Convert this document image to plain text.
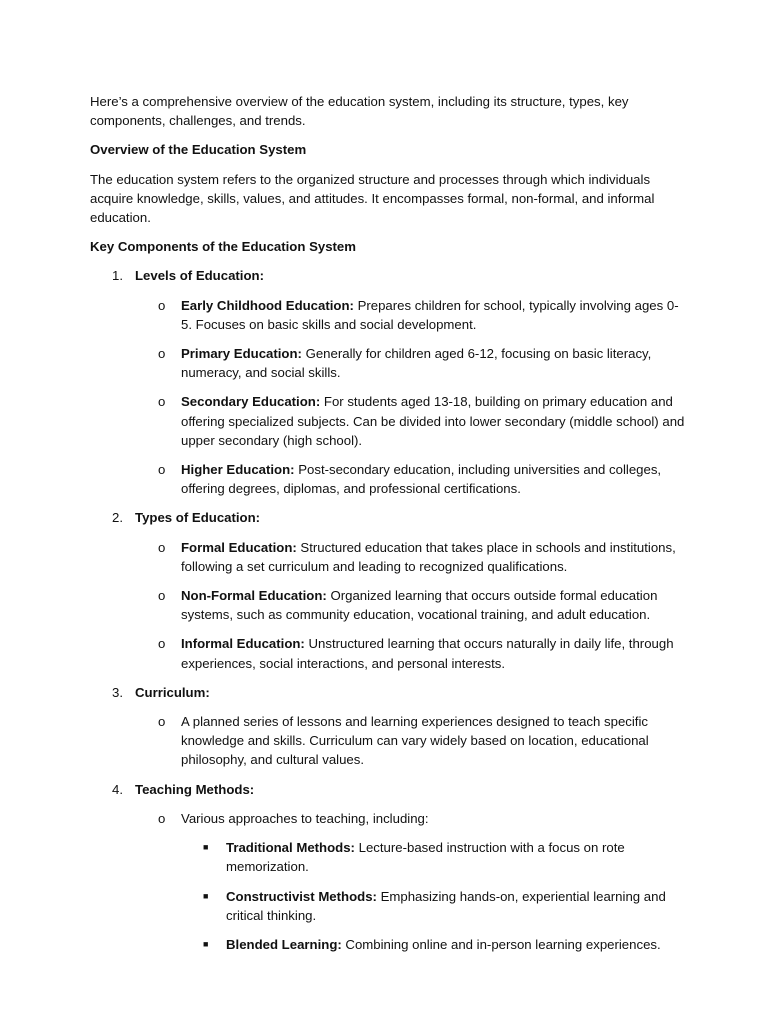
Here’s a comprehensive overview of the education system, including its structure, types, key components, challenges, and trends.

Overview of the Education System

The education system refers to the organized structure and processes through which individuals acquire knowledge, skills, values, and attitudes. It encompasses formal, non-formal, and informal education.

Key Components of the Education System

1. Levels of Education:
o Early Childhood Education: Prepares children for school, typically involving ages 0-5. Focuses on basic skills and social development.
o Primary Education: Generally for children aged 6-12, focusing on basic literacy, numeracy, and social skills.
o Secondary Education: For students aged 13-18, building on primary education and offering specialized subjects. Can be divided into lower secondary (middle school) and upper secondary (high school).
o Higher Education: Post-secondary education, including universities and colleges, offering degrees, diplomas, and professional certifications.
2. Types of Education:
o Formal Education: Structured education that takes place in schools and institutions, following a set curriculum and leading to recognized qualifications.
o Non-Formal Education: Organized learning that occurs outside formal education systems, such as community education, vocational training, and adult education.
o Informal Education: Unstructured learning that occurs naturally in daily life, through experiences, social interactions, and personal interests.
3. Curriculum:
o A planned series of lessons and learning experiences designed to teach specific knowledge and skills. Curriculum can vary widely based on location, educational philosophy, and cultural values.
4. Teaching Methods:
o Various approaches to teaching, including:
■ Traditional Methods: Lecture-based instruction with a focus on rote memorization.
■ Constructivist Methods: Emphasizing hands-on, experiential learning and critical thinking.
■ Blended Learning: Combining online and in-person learning experiences.
